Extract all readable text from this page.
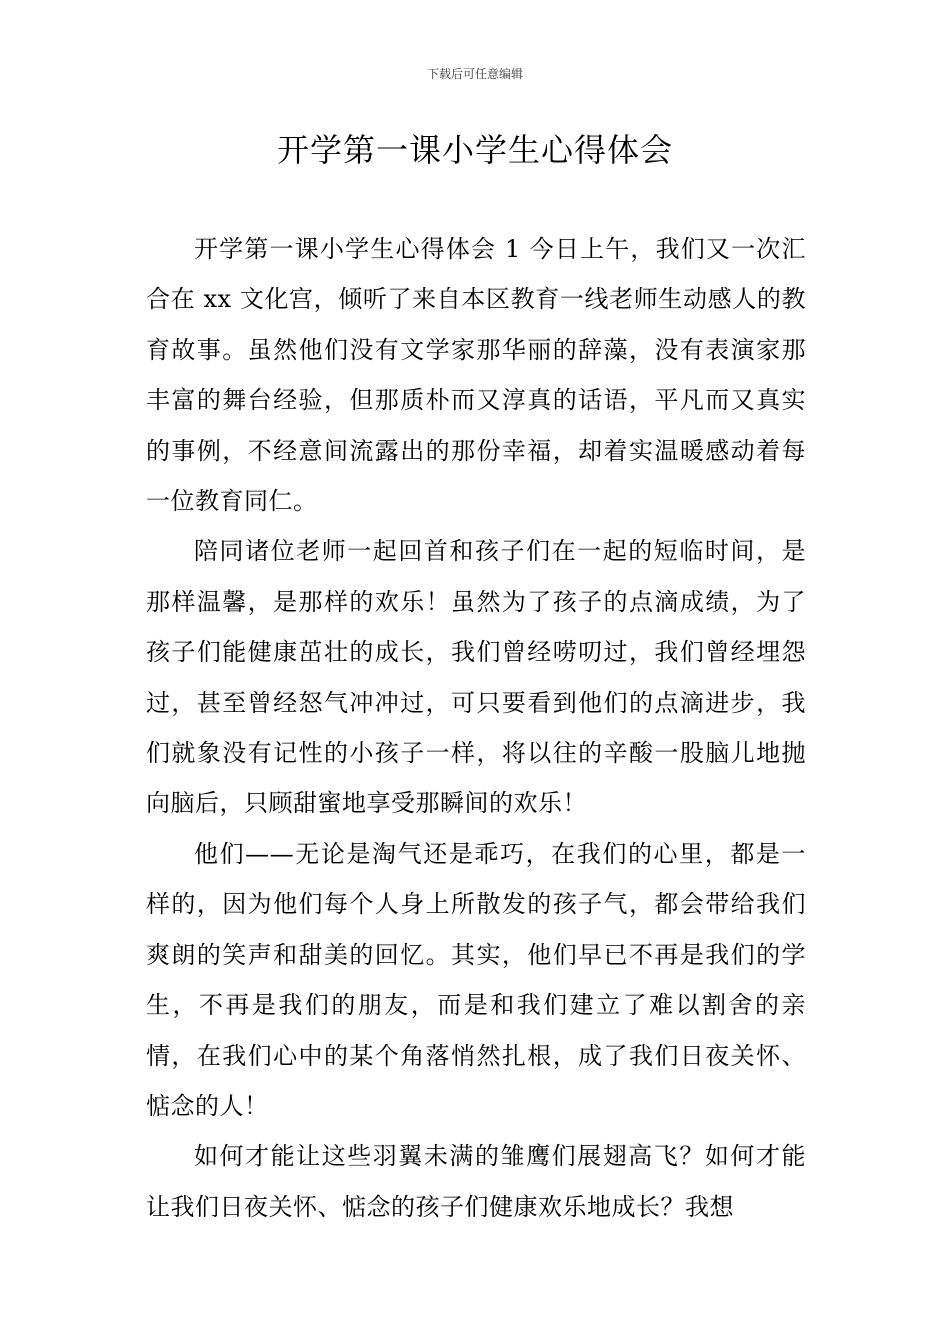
下载后可任意编辑
开学第一课小学生心得体会

开学第一课小学生心得体会 1 今日上午，我们又一次汇合在 xx 文化宫，倾听了来自本区教育一线老师生动感人的教育故事。虽然他们没有文学家那华丽的辞藻，没有表演家那丰富的舞台经验，但那质朴而又淳真的话语，平凡而又真实的事例，不经意间流露出的那份幸福，却着实温暖感动着每一位教育同仁。

陪同诸位老师一起回首和孩子们在一起的短临时间，是那样温馨，是那样的欢乐！虽然为了孩子的点滴成绩，为了孩子们能健康茁壮的成长，我们曾经唠叨过，我们曾经埋怨过，甚至曾经怒气冲冲过，可只要看到他们的点滴进步，我们就象没有记性的小孩子一样，将以往的辛酸一股脑儿地抛向脑后，只顾甜蜜地享受那瞬间的欢乐！

他们——无论是淘气还是乖巧，在我们的心里，都是一样的，因为他们每个人身上所散发的孩子气，都会带给我们爽朗的笑声和甜美的回忆。其实，他们早已不再是我们的学生，不再是我们的朋友，而是和我们建立了难以割舍的亲情，在我们心中的某个角落悄然扎根，成了我们日夜关怀、惦念的人！

如何才能让这些羽翼未满的雏鹰们展翅高飞？如何才能让我们日夜关怀、惦念的孩子们健康欢乐地成长？我想
